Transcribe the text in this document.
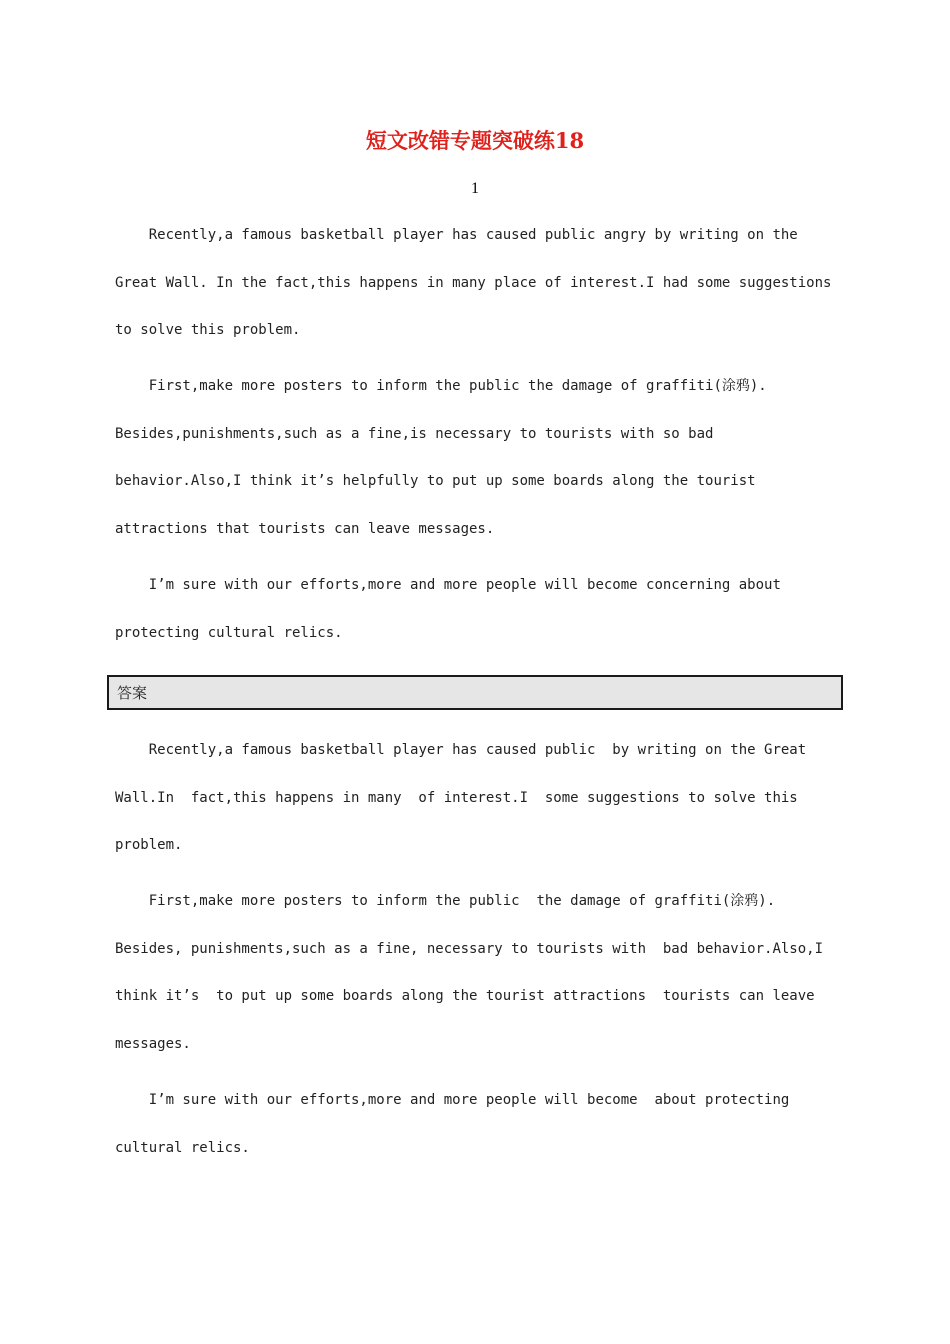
短文改错专题突破练18
1

Recently,a famous basketball player has caused public angry by writing on the
Great Wall. In the fact,this happens in many place of interest.I had some suggestions
to solve this problem.

First,make more posters to inform the public the damage of graffiti(涂鸦).
Besides,punishments,such as a fine,is necessary to tourists with so bad
behavior.Also,I think it’s helpfully to put up some boards along the tourist
attractions that tourists can leave messages.

I’m sure with our efforts,more and more people will become concerning about
protecting cultural relics.

答案

Recently,a famous basketball player has caused public  by writing on the Great
Wall.In  fact,this happens in many  of interest.I  some suggestions to solve this
problem.

First,make more posters to inform the public  the damage of graffiti(涂鸦).
Besides, punishments,such as a fine, necessary to tourists with  bad behavior.Also,I
think it’s  to put up some boards along the tourist attractions  tourists can leave
messages.

I’m sure with our efforts,more and more people will become  about protecting
cultural relics.
